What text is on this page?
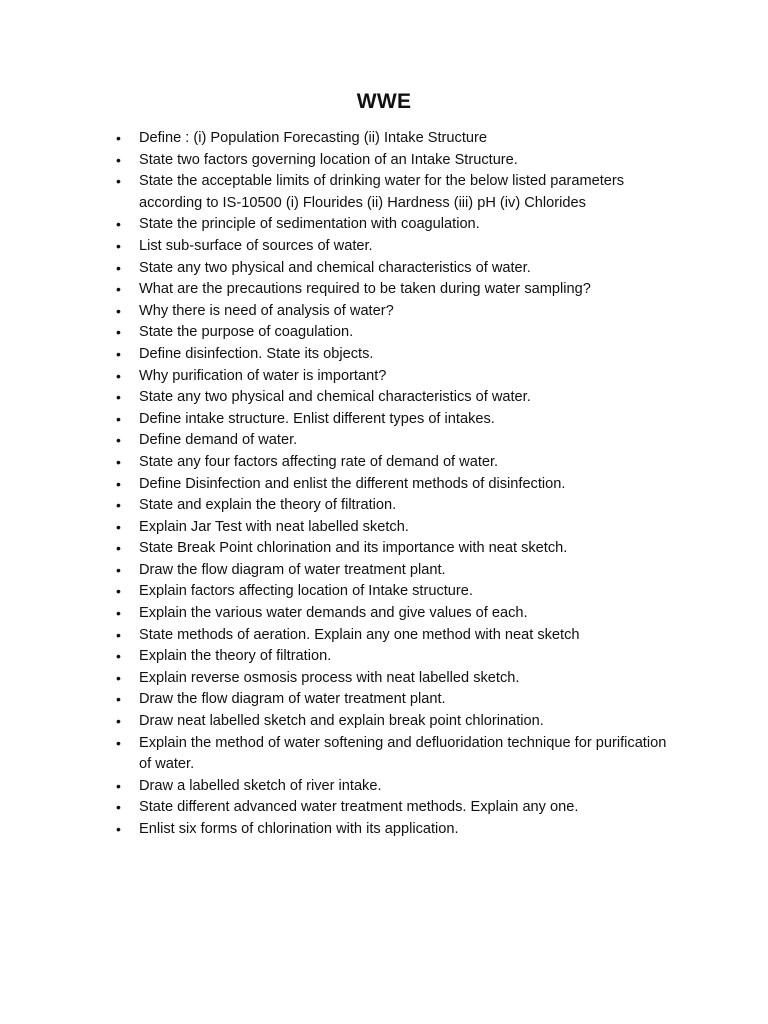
WWE
• Define : (i) Population Forecasting (ii) Intake Structure
• State two factors governing location of an Intake Structure.
• State the acceptable limits of drinking water for the below listed parameters according to IS-10500 (i) Flourides (ii) Hardness (iii) pH (iv) Chlorides
• State the principle of sedimentation with coagulation.
• List sub-surface of sources of water.
• State any two physical and chemical characteristics of water.
• What are the precautions required to be taken during water sampling?
• Why there is need of analysis of water?
• State the purpose of coagulation.
• Define disinfection. State its objects.
• Why purification of water is important?
• State any two physical and chemical characteristics of water.
• Define intake structure. Enlist different types of intakes.
• Define demand of water.
• State any four factors affecting rate of demand of water.
• Define Disinfection and enlist the different methods of disinfection.
• State and explain the theory of filtration.
• Explain Jar Test with neat labelled sketch.
• State Break Point chlorination and its importance with neat sketch.
• Draw the flow diagram of water treatment plant.
• Explain factors affecting location of Intake structure.
• Explain the various water demands and give values of each.
• State methods of aeration. Explain any one method with neat sketch
• Explain the theory of filtration.
• Explain reverse osmosis process with neat labelled sketch.
• Draw the flow diagram of water treatment plant.
• Draw neat labelled sketch and explain break point chlorination.
• Explain the method of water softening and defluoridation technique for purification of water.
• Draw a labelled sketch of river intake.
• State different advanced water treatment methods. Explain any one.
• Enlist six forms of chlorination with its application.
